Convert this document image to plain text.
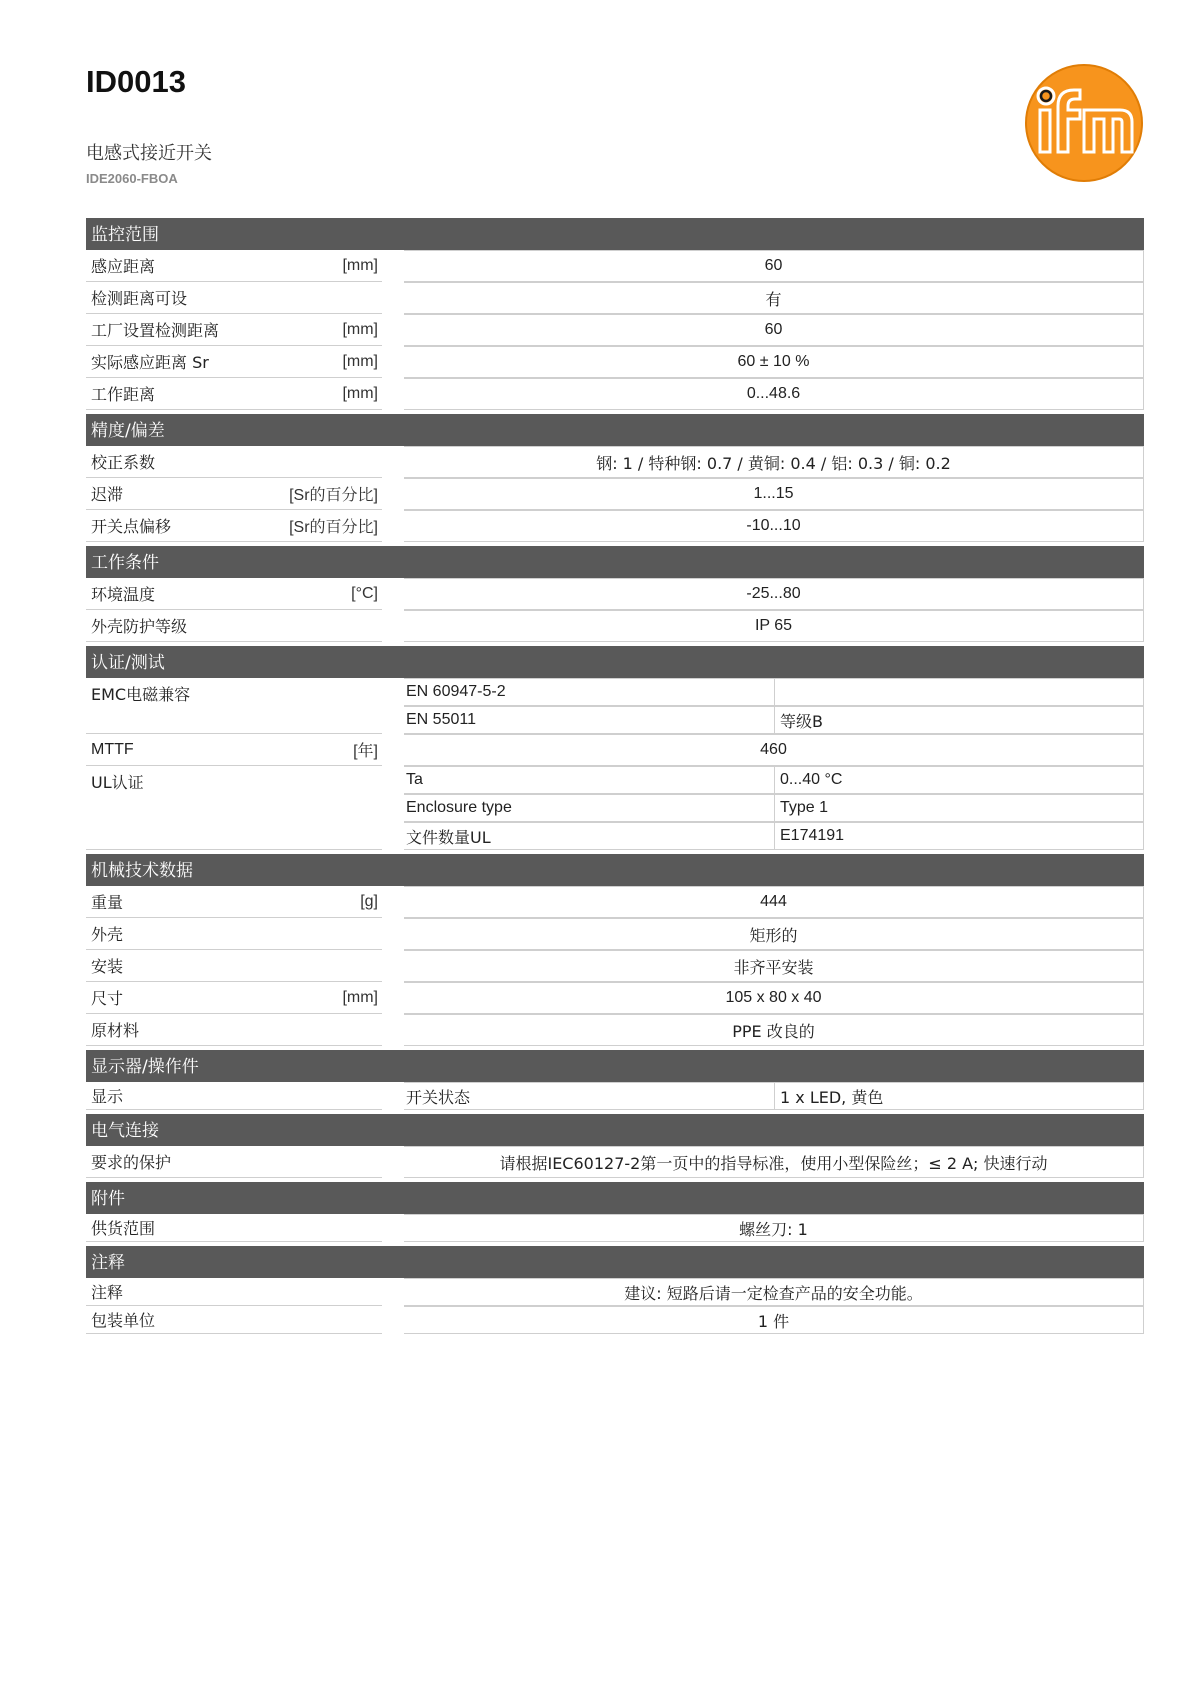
ID0013
电感式接近开关
IDE2060-FBOA	ifm
监控范围
感应距离	[mm]	60
检测距离可设	有
工厂设置检测距离	[mm]	60
实际感应距离 Sr	[mm]	60 ± 10 %
工作距离	[mm]	0...48.6
精度/偏差
校正系数	钢: 1 / 特种钢: 0.7 / 黄铜: 0.4 / 铝: 0.3 / 铜: 0.2
迟滞	[Sr的百分比]	1...15
开关点偏移	[Sr的百分比]	-10...10
工作条件
环境温度	[°C]	-25...80
外壳防护等级	IP 65
认证/测试
EMC电磁兼容	EN 60947-5-2
EN 55011	等级B
MTTF	[年]	460
UL认证	Ta	0...40 °C
Enclosure type	Type 1
文件数量UL	E174191
机械技术数据
重量	[g]	444
外壳	矩形的
安装	非齐平安装
尺寸	[mm]	105 x 80 x 40
原材料	PPE 改良的
显示器/操作件
显示	开关状态	1 x LED, 黄色
电气连接
要求的保护	请根据IEC60127-2第一页中的指导标准，使用小型保险丝；≤ 2 A; 快速行动
附件
供货范围	螺丝刀: 1
注释
注释	建议: 短路后请一定检查产品的安全功能。
包装单位	1 件
